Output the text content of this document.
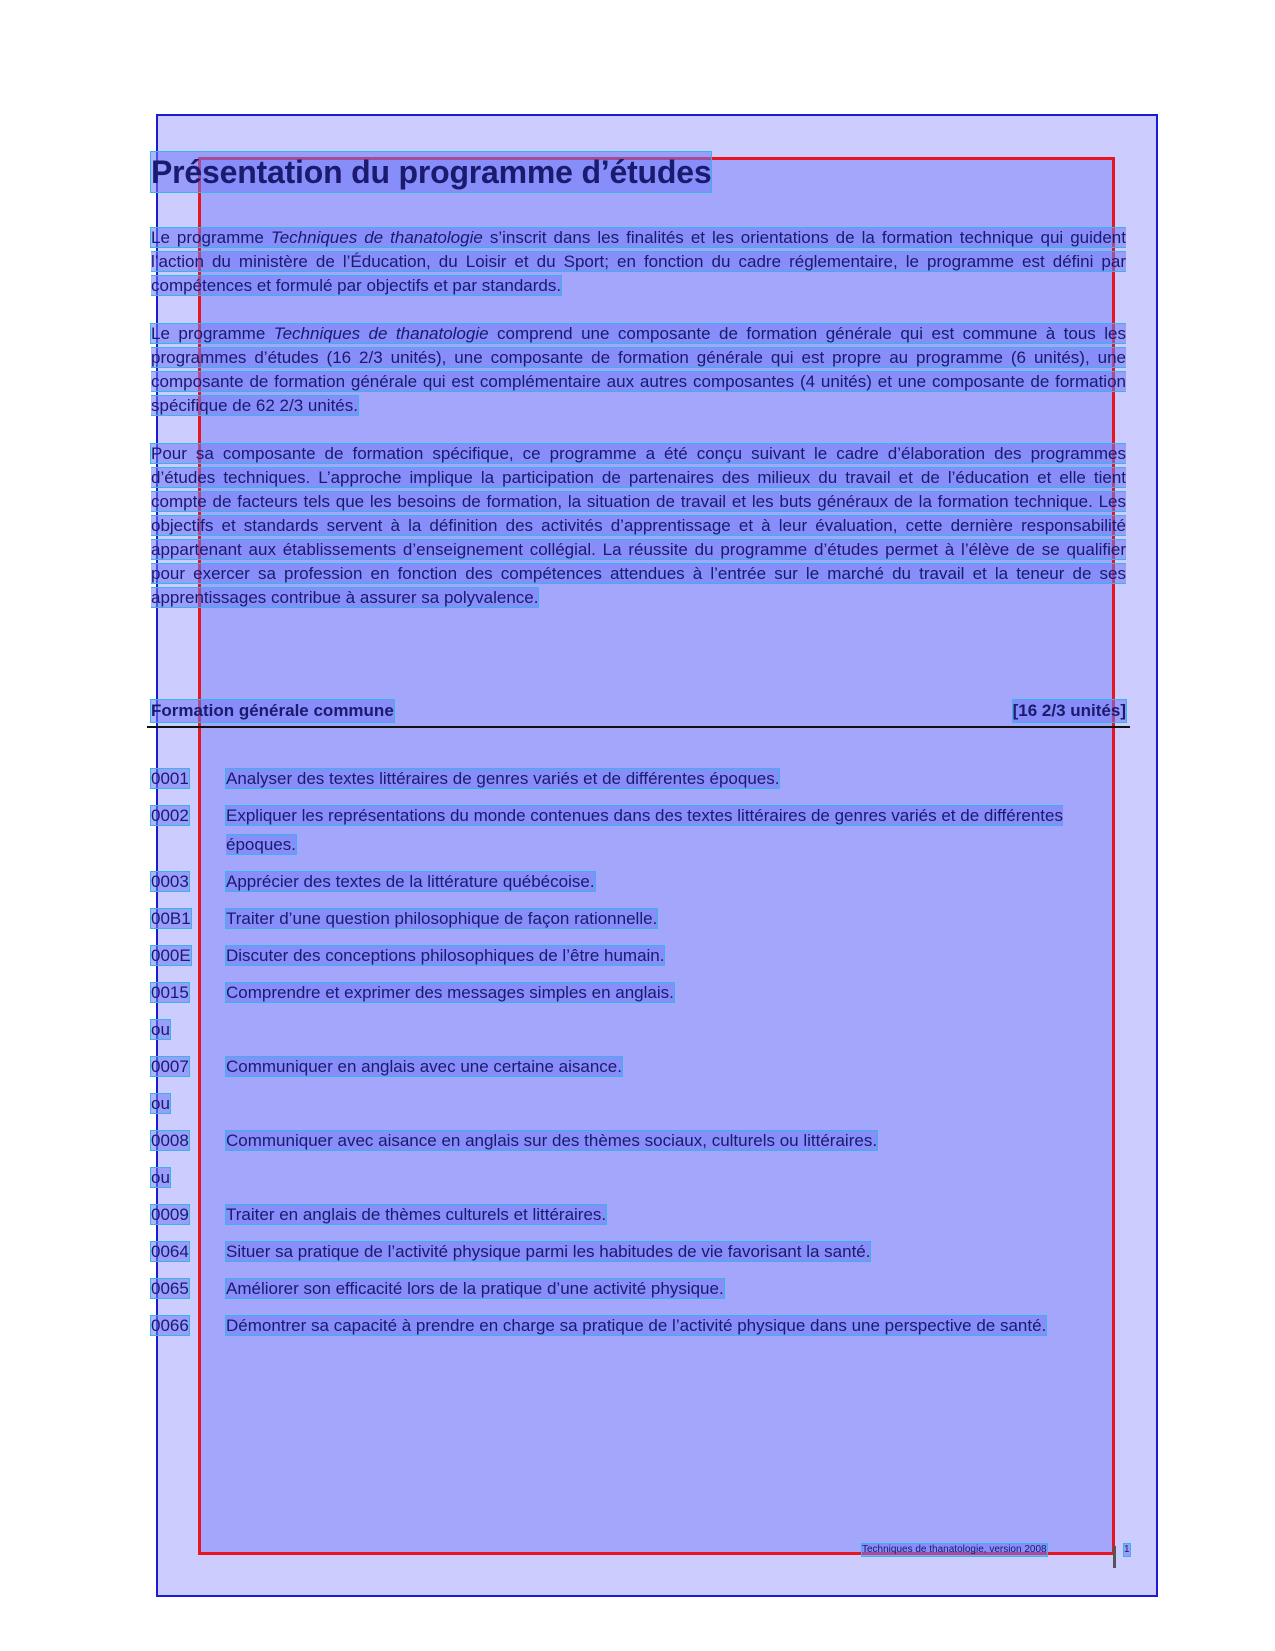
Présentation du programme d’études

Le programme Techniques de thanatologie s’inscrit dans les finalités et les orientations de la formation technique qui guident l’action du ministère de l’Éducation, du Loisir et du Sport; en fonction du cadre réglementaire, le programme est défini par compétences et formulé par objectifs et par standards.

Le programme Techniques de thanatologie comprend une composante de formation générale qui est commune à tous les programmes d’études (16 2/3 unités), une composante de formation générale qui est propre au programme (6 unités), une composante de formation générale qui est complémentaire aux autres composantes (4 unités) et une composante de formation spécifique de 62 2/3 unités.

Pour sa composante de formation spécifique, ce programme a été conçu suivant le cadre d’élaboration des programmes d’études techniques. L’approche implique la participation de partenaires des milieux du travail et de l’éducation et elle tient compte de facteurs tels que les besoins de formation, la situation de travail et les buts généraux de la formation technique. Les objectifs et standards servent à la définition des activités d’apprentissage et à leur évaluation, cette dernière responsabilité appartenant aux établissements d’enseignement collégial. La réussite du programme d’études permet à l’élève de se qualifier pour exercer sa profession en fonction des compétences attendues à l’entrée sur le marché du travail et la teneur de ses apprentissages contribue à assurer sa polyvalence.

Formation générale commune	[16 2/3 unités]
0001	Analyser des textes littéraires de genres variés et de différentes époques.
0002	Expliquer les représentations du monde contenues dans des textes littéraires de genres variés et de différentes époques.
0003	Apprécier des textes de la littérature québécoise.
00B1	Traiter d’une question philosophique de façon rationnelle.
000E	Discuter des conceptions philosophiques de l’être humain.
0015	Comprendre et exprimer des messages simples en anglais.
ou
0007	Communiquer en anglais avec une certaine aisance.
ou
0008	Communiquer avec aisance en anglais sur des thèmes sociaux, culturels ou littéraires.
ou
0009	Traiter en anglais de thèmes culturels et littéraires.
0064	Situer sa pratique de l’activité physique parmi les habitudes de vie favorisant la santé.
0065	Améliorer son efficacité lors de la pratique d’une activité physique.
0066	Démontrer sa capacité à prendre en charge sa pratique de l’activité physique dans une perspective de santé.
Techniques de thanatologie, version 2008	1
